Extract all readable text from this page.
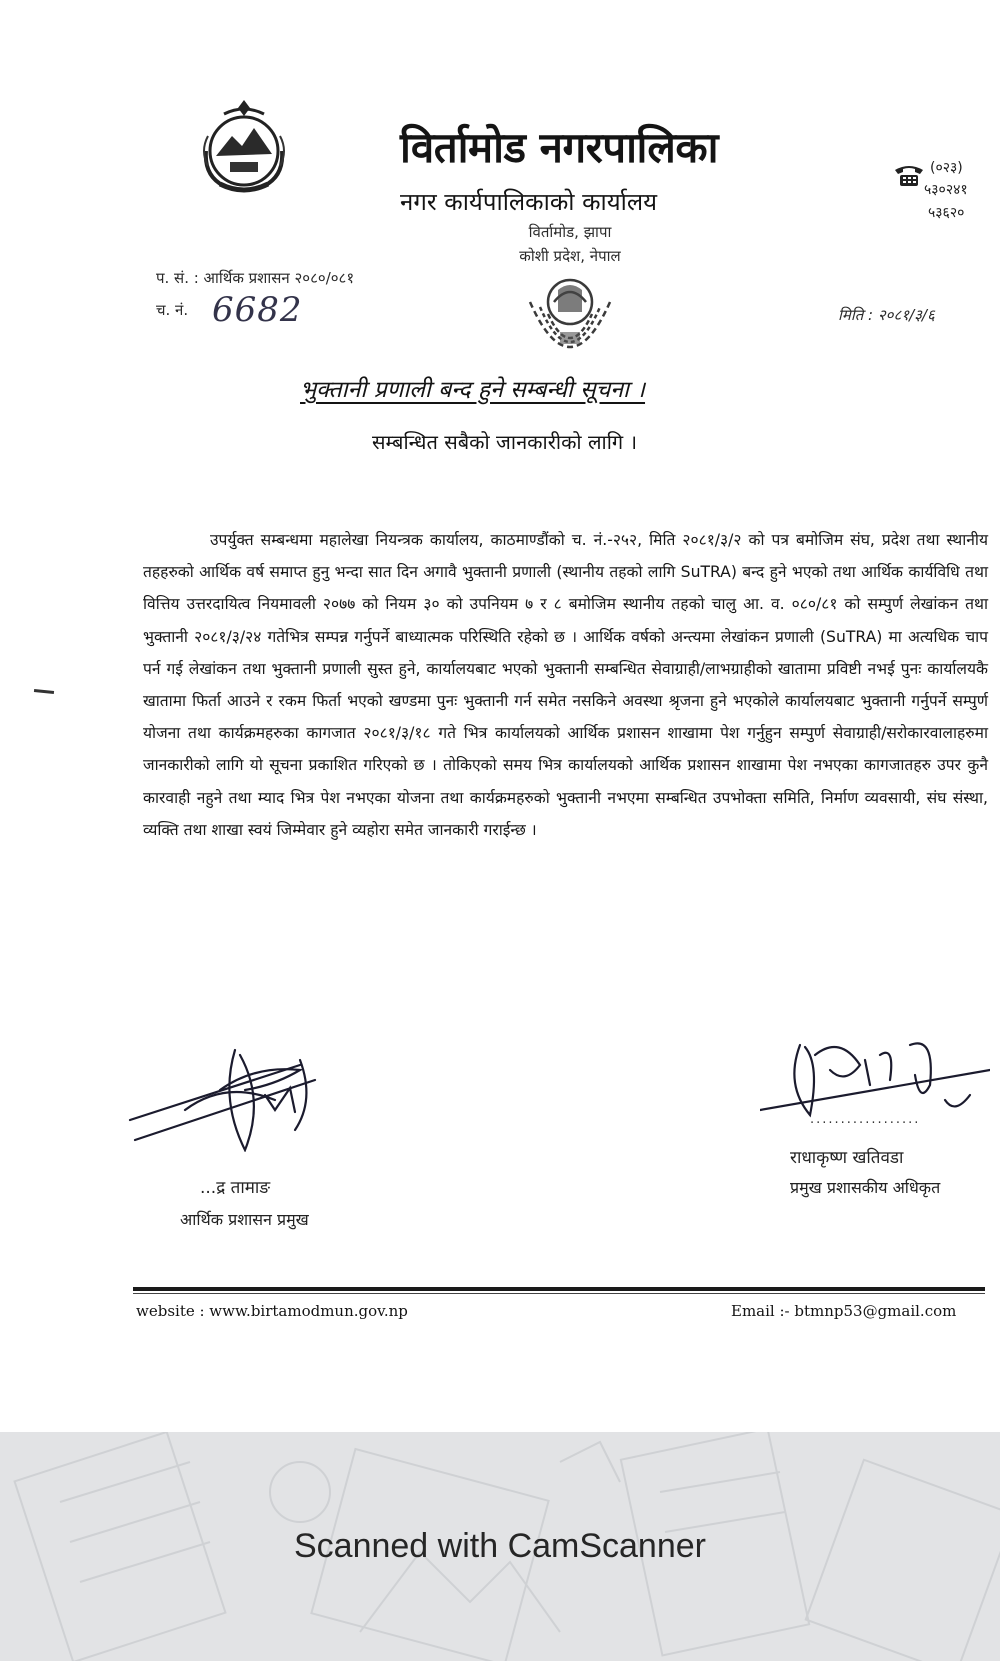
विर्तामोड नगरपालिका
नगर कार्यपालिकाको कार्यालय
विर्तामोड, झापा
कोशी प्रदेश, नेपाल
(०२३)
५३०२४१
५३६२०
प. सं. : आर्थिक प्रशासन २०८०/०८१
च. नं. 6682	मिति : २०८१/३/६
भुक्तानी प्रणाली बन्द हुने सम्बन्धी सूचना ।
सम्बन्धित सबैको जानकारीको लागि ।
उपर्युक्त सम्बन्धमा महालेखा नियन्त्रक कार्यालय, काठमाण्डौंको च. नं.-२५२, मिति २०८१/३/२ को पत्र बमोजिम संघ, प्रदेश तथा स्थानीय तहहरुको आर्थिक वर्ष समाप्त हुनु भन्दा सात दिन अगावै भुक्तानी प्रणाली (स्थानीय तहको लागि SuTRA) बन्द हुने भएको तथा आर्थिक कार्यविधि तथा वित्तिय उत्तरदायित्व नियमावली २०७७ को नियम ३० को उपनियम ७ र ८ बमोजिम स्थानीय तहको चालु आ. व. ०८०/८१ को सम्पुर्ण लेखांकन तथा भुक्तानी २०८१/३/२४ गतेभित्र सम्पन्न गर्नुपर्ने बाध्यात्मक परिस्थिति रहेको छ । आर्थिक वर्षको अन्त्यमा लेखांकन प्रणाली (SuTRA) मा अत्यधिक चाप पर्न गई लेखांकन तथा भुक्तानी प्रणाली सुस्त हुने, कार्यालयबाट भएको भुक्तानी सम्बन्धित सेवाग्राही/लाभग्राहीको खातामा प्रविष्टी नभई पुनः कार्यालयकै खातामा फिर्ता आउने र रकम फिर्ता भएको खण्डमा पुनः भुक्तानी गर्न समेत नसकिने अवस्था श्रृजना हुने भएकोले कार्यालयबाट भुक्तानी गर्नुपर्ने सम्पुर्ण योजना तथा कार्यक्रमहरुका कागजात २०८१/३/१८ गते भित्र कार्यालयको आर्थिक प्रशासन शाखामा पेश गर्नुहुन सम्पुर्ण सेवाग्राही/सरोकारवालाहरुमा जानकारीको लागि यो सूचना प्रकाशित गरिएको छ । तोकिएको समय भित्र कार्यालयको आर्थिक प्रशासन शाखामा पेश नभएका कागजातहरु उपर कुनै कारवाही नहुने तथा म्याद भित्र पेश नभएका योजना तथा कार्यक्रमहरुको भुक्तानी नभएमा सम्बन्धित उपभोक्ता समिति, निर्माण व्यवसायी, संघ संस्था, व्यक्ति तथा शाखा स्वयं जिम्मेवार हुने व्यहोरा समेत जानकारी गराईन्छ ।
...द्र तामाङ
आर्थिक प्रशासन प्रमुख
··················
राधाकृष्ण खतिवडा
प्रमुख प्रशासकीय अधिकृत
website : www.birtamodmun.gov.np	Email :- btmnp53@gmail.com
Scanned with CamScanner
